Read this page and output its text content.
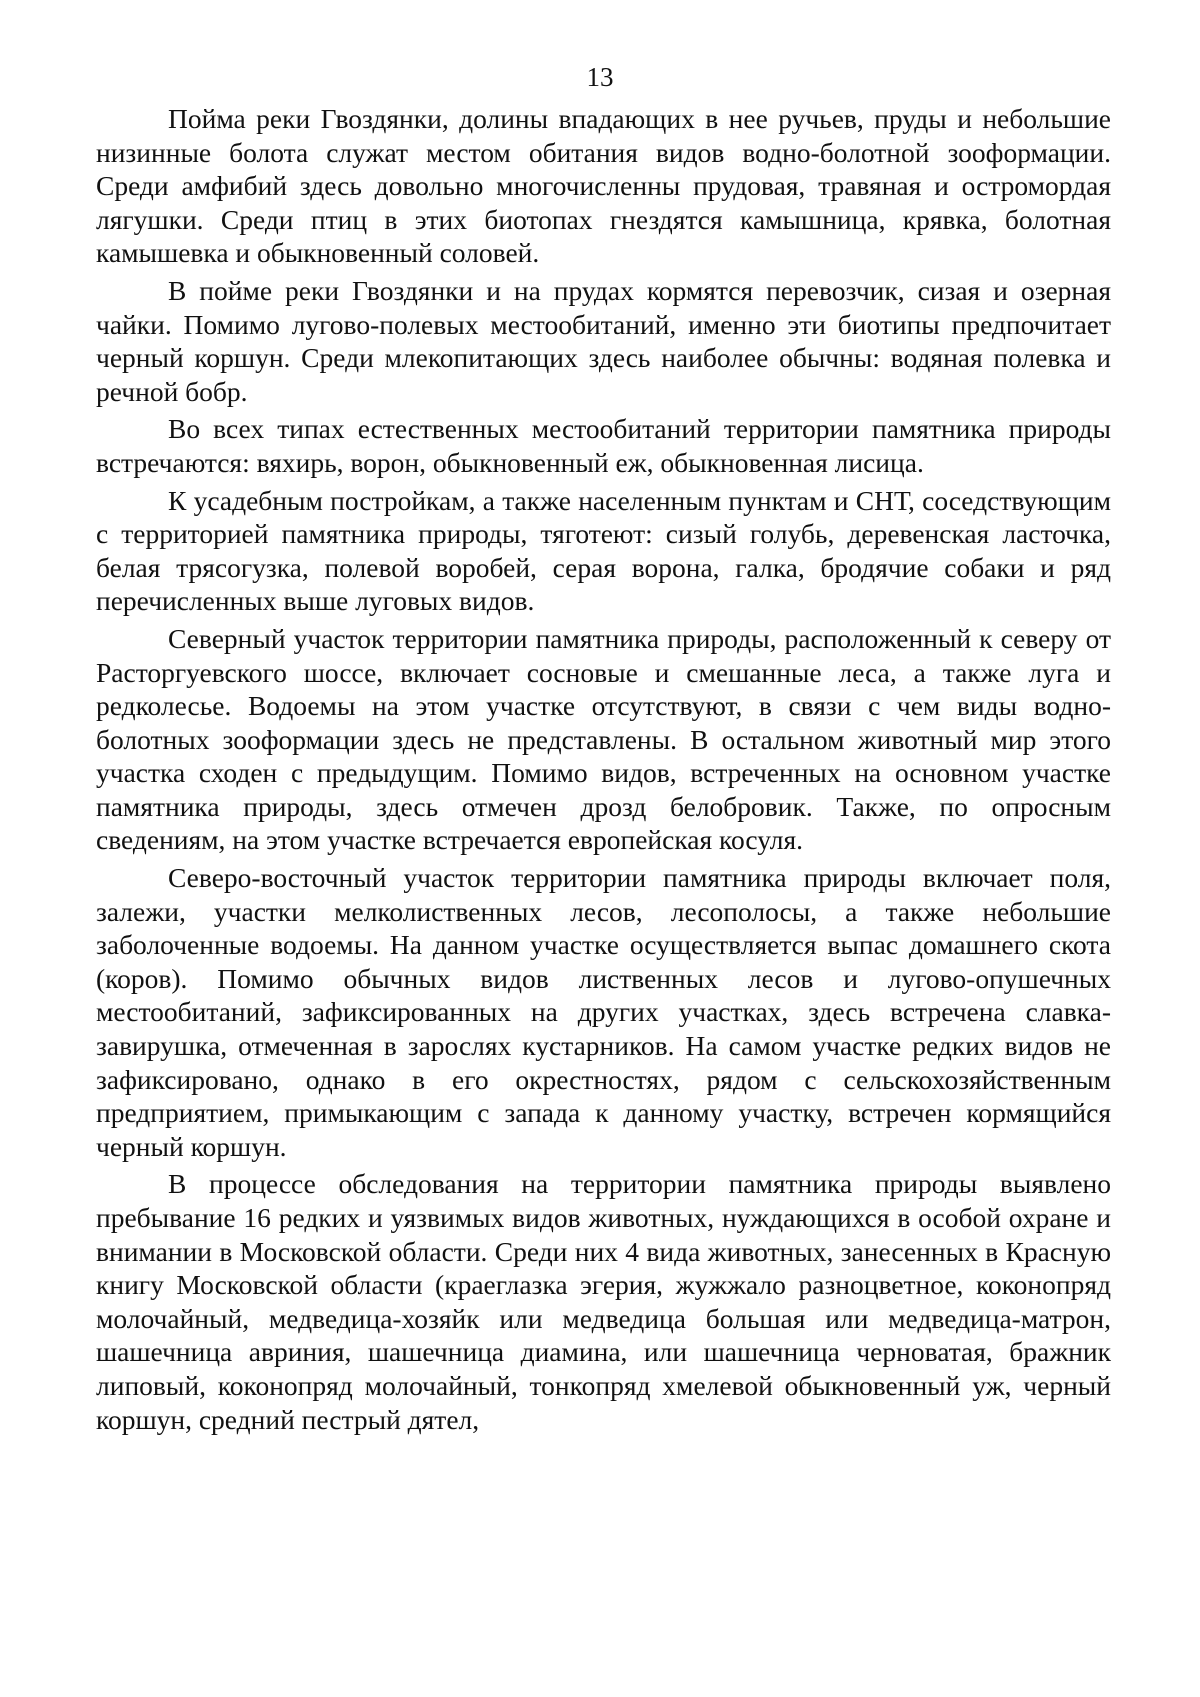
13

Пойма реки Гвоздянки, долины впадающих в нее ручьев, пруды и небольшие низинные болота служат местом обитания видов водно-болотной зооформации. Среди амфибий здесь довольно многочисленны прудовая, травяная и остромордая лягушки. Среди птиц в этих биотопах гнездятся камышница, крявка, болотная камышевка и обыкновенный соловей.

В пойме реки Гвоздянки и на прудах кормятся перевозчик, сизая и озерная чайки. Помимо лугово-полевых местообитаний, именно эти биотипы предпочитает черный коршун. Среди млекопитающих здесь наиболее обычны: водяная полевка и речной бобр.

Во всех типах естественных местообитаний территории памятника природы встречаются: вяхирь, ворон, обыкновенный еж, обыкновенная лисица.

К усадебным постройкам, а также населенным пунктам и СНТ, соседствующим с территорией памятника природы, тяготеют: сизый голубь, деревенская ласточка, белая трясогузка, полевой воробей, серая ворона, галка, бродячие собаки и ряд перечисленных выше луговых видов.

Северный участок территории памятника природы, расположенный к северу от Расторгуевского шоссе, включает сосновые и смешанные леса, а также луга и редколесье. Водоемы на этом участке отсутствуют, в связи с чем виды водно-болотных зооформации здесь не представлены. В остальном животный мир этого участка сходен с предыдущим. Помимо видов, встреченных на основном участке памятника природы, здесь отмечен дрозд белобровик. Также, по опросным сведениям, на этом участке встречается европейская косуля.

Северо-восточный участок территории памятника природы включает поля, залежи, участки мелколиственных лесов, лесополосы, а также небольшие заболоченные водоемы. На данном участке осуществляется выпас домашнего скота (коров). Помимо обычных видов лиственных лесов и лугово-опушечных местообитаний, зафиксированных на других участках, здесь встречена славка-завирушка, отмеченная в зарослях кустарников. На самом участке редких видов не зафиксировано, однако в его окрестностях, рядом с сельскохозяйственным предприятием, примыкающим с запада к данному участку, встречен кормящийся черный коршун.

В процессе обследования на территории памятника природы выявлено пребывание 16 редких и уязвимых видов животных, нуждающихся в особой охране и внимании в Московской области. Среди них 4 вида животных, занесенных в Красную книгу Московской области (краеглазка эгерия, жужжало разноцветное, коконопряд молочайный, медведица-хозяйк или медведица большая или медведица-матрон, шашечница авриния, шашечница диамина, или шашечница черноватая, бражник липовый, коконопряд молочайный, тонкопряд хмелевой обыкновенный уж, черный коршун, средний пестрый дятел,
